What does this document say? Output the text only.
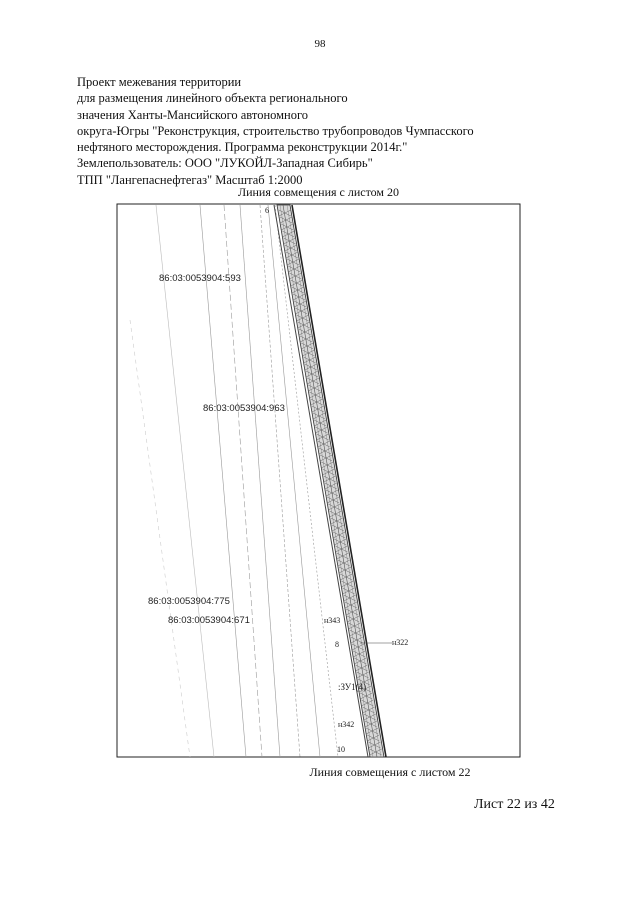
98
Проект межевания территории
для размещения линейного объекта регионального
значения Ханты-Мансийского автономного
округа-Югры "Реконструкция, строительство трубопроводов Чумпасского
нефтяного месторождения. Программа реконструкции 2014г."
Землепользователь: ООО "ЛУКОЙЛ-Западная Сибирь"
ТПП "Лангепаснефтегаз" Масштаб 1:2000
Линия совмещения с листом 20
86:03:0053904:593
86:03:0053904:963
86:03:0053904:775
86:03:0053904:671
6
н343
8	н322
:ЗУ1(4)
н342
10
Линия совмещения с листом 22
Лист 22 из 42
